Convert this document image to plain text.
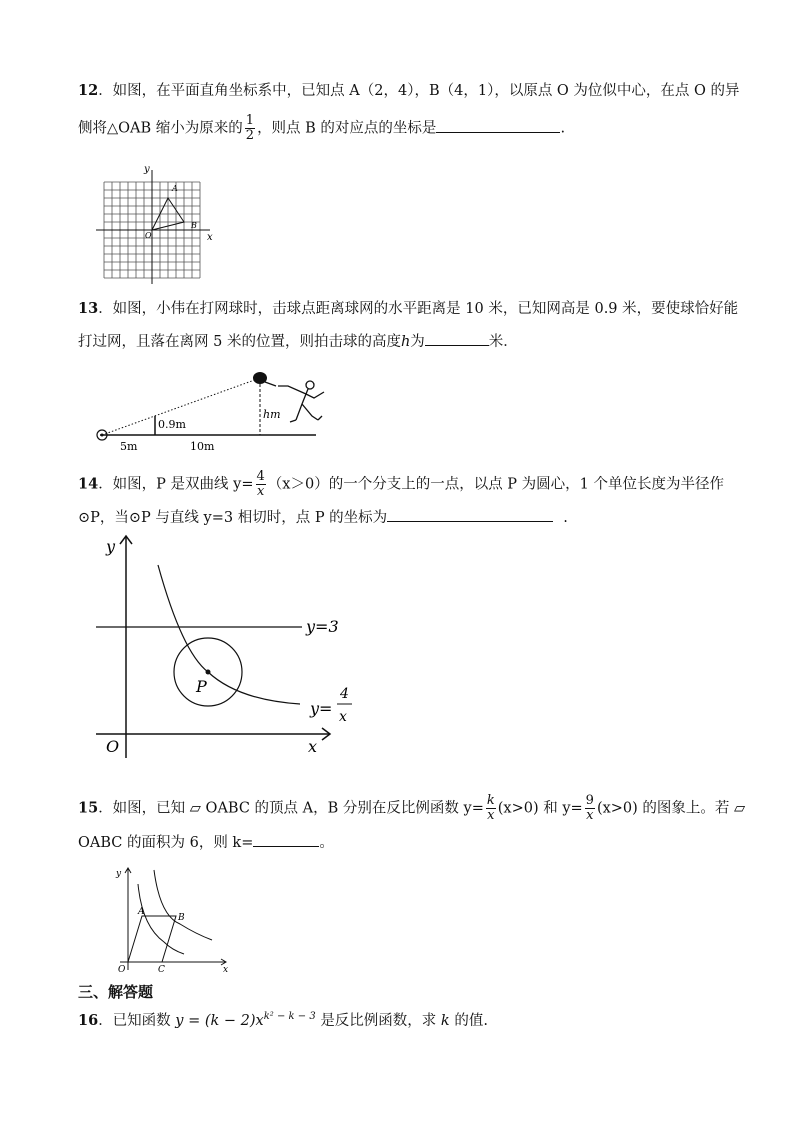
12．如图，在平面直角坐标系中，已知点 A（2，4），B（4，1），以原点 O 为位似中心，在点 O 的异
侧将△OAB 缩小为原来的 $\frac{1}{2}$ ，则点 B 的对应点的坐标是	.
y
x
O
A
B
13．如图，小伟在打网球时，击球点距离球网的水平距离是 10 米，已知网高是 0.9 米，要使球恰好能
打过网，且落在离网 5 米的位置，则拍击球的高度h为	米．
0.9m
hm
5m	10m
14．如图，P 是双曲线 $y= \frac{4}{x} (x>0)$的一个分支上的一点，以点 P 为圆心，1 个单位长度为半径作
⊙P，当⊙P 与直线 y=3 相切时，点 P 的坐标为	.
y
x
O
P
y=3
y=
4
x
15．如图，已知 ▱ OABC 的顶点 A，B 分别在反比例函数 $y= \frac{k}{x} (x>0)$ 和 $y= \frac{9}{x} (x>0)$ 的图象上。若 ▱
OABC 的面积为 6，则 k=	。
y
x
O
A
B
C
三、解答题
16．已知函数 $y = (k - 2)x^{k^2 - k - 3}$ 是反比例函数，求 k 的值.
